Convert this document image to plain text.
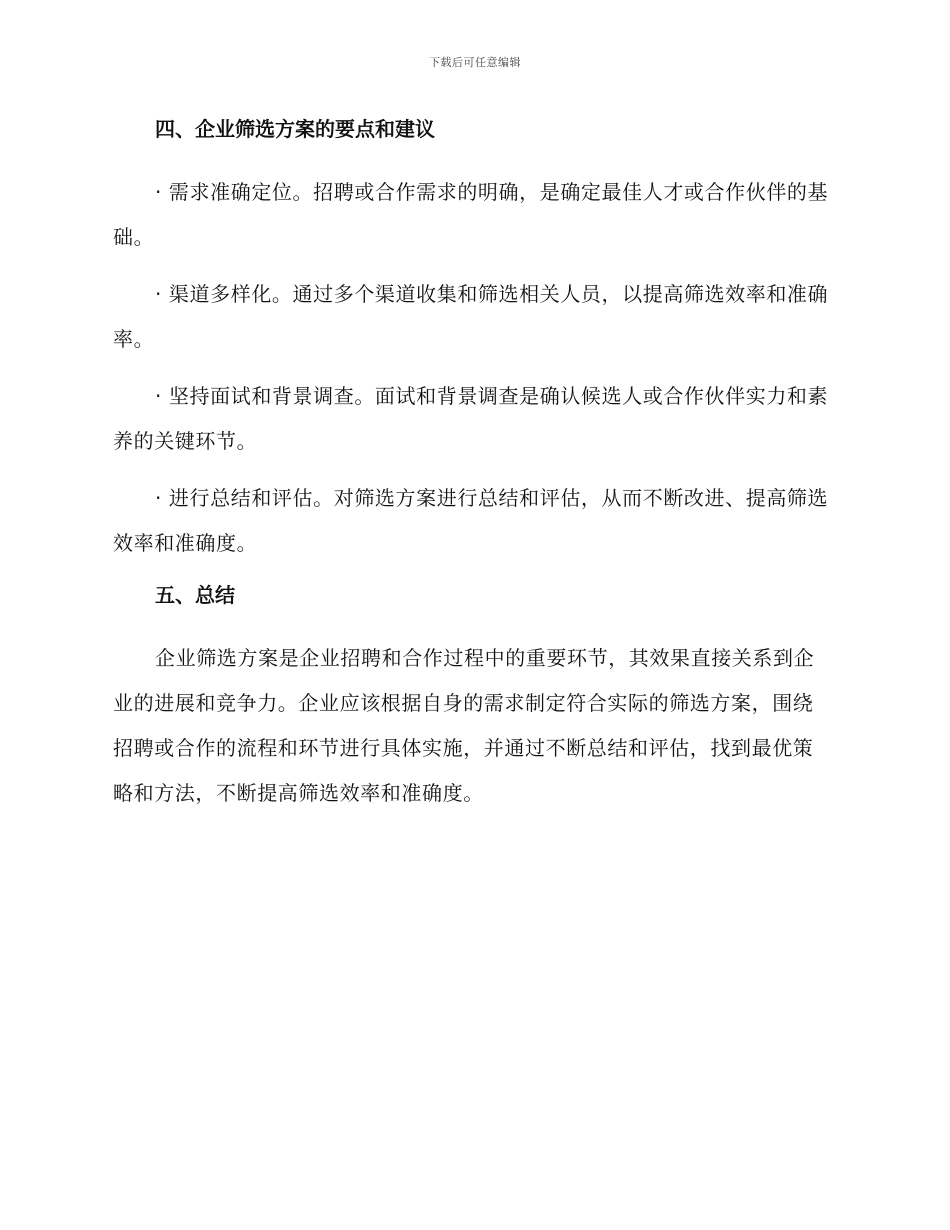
下载后可任意编辑
四、企业筛选方案的要点和建议

· 需求准确定位。招聘或合作需求的明确，是确定最佳人才或合作伙伴的基础。

· 渠道多样化。通过多个渠道收集和筛选相关人员，以提高筛选效率和准确率。

· 坚持面试和背景调查。面试和背景调查是确认候选人或合作伙伴实力和素养的关键环节。

· 进行总结和评估。对筛选方案进行总结和评估，从而不断改进、提高筛选效率和准确度。

五、总结

企业筛选方案是企业招聘和合作过程中的重要环节，其效果直接关系到企业的进展和竞争力。企业应该根据自身的需求制定符合实际的筛选方案，围绕招聘或合作的流程和环节进行具体实施，并通过不断总结和评估，找到最优策略和方法，不断提高筛选效率和准确度。
